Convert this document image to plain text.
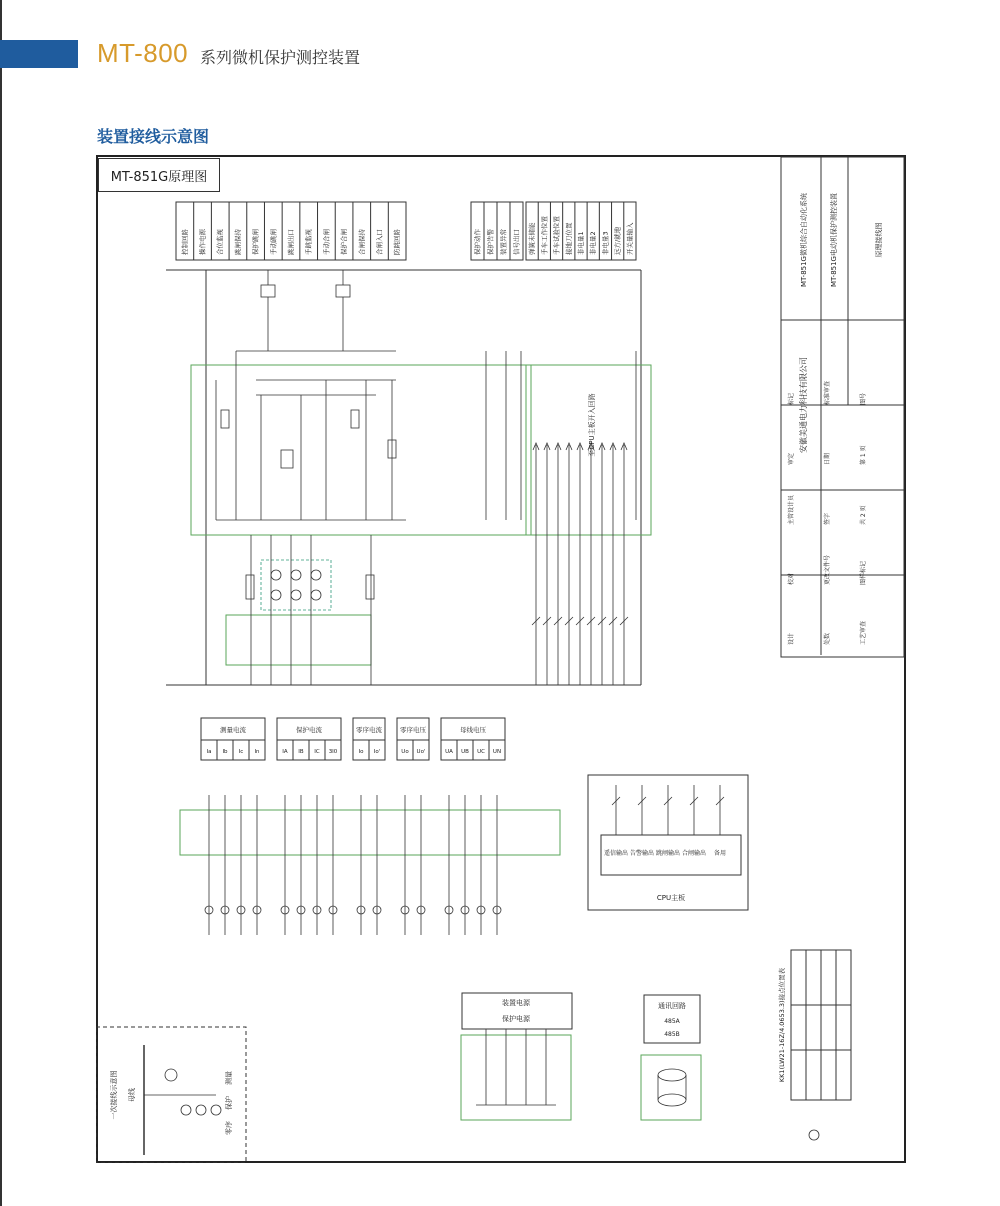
MT-800 系列微机保护测控装置
装置接线示意图
控制回路 操作电源 合位监视 跳闸保持 保护跳闸 手动跳闸 跳闸出口 手跳监视 手动合闸 保护合闸 合闸保持 合闸入口 防跳回路	保护动作 保护告警 装置异常 信号出口 弹簧未储能 手车工作位置 手车试验位置 接地刀位置 非电量1 非电量2 非电量3 远方/就地 开关量输入
至CPU主板开入回路
测量电流
Ia Ib Ic In
保护电流
IA IB IC 3I0
零序电流
Io Io'
零序电压
Uo Uo'
母线电压
UA UB UC UN
CPU主板
遥信输出 告警输出 跳闸输出 合闸输出 备用
装置电源
保护电源
通讯回路
485A
485B
一次接线示意图 母线
测量
保护
零序
KK1(LW21-16Z/4.0653.3)接点位置表
MT-851G微机综合自动化系统	MT-851G电动机保护测控装置	原理接线图
安徽美通电力科技有限公司
设计
校对
主管设计员
审定
标记
处数
更改文件号
签字
日期
标准审查
工艺审查
图样标记
共 2 页
第 1 页
图号
MT-851G原理图
